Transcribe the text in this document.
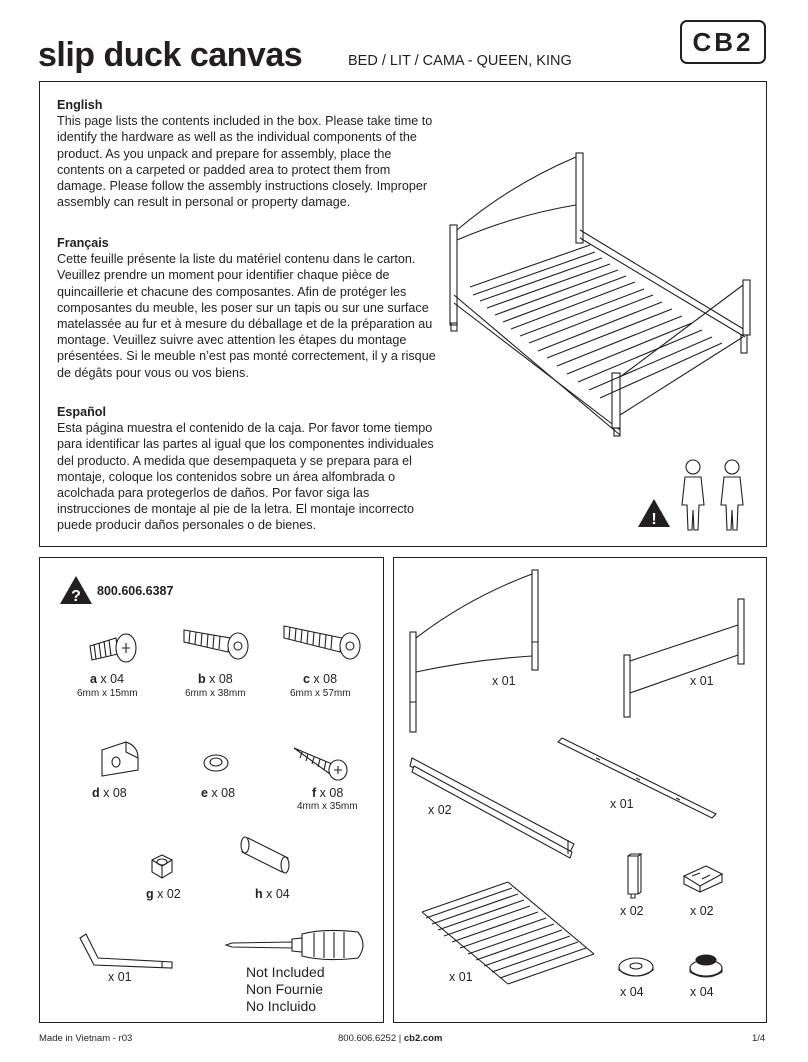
slip duck canvas	BED / LIT / CAMA - QUEEN, KING
CB2
English

This page lists the contents included in the box. Please take time to identify the hardware as well as the individual components of the product. As you unpack and prepare for assembly, place the contents on a carpeted or padded area to protect them from damage. Please follow the assembly instructions closely. Improper assembly can result in personal or property damage.

Français

Cette feuille présente la liste du matériel contenu dans le carton. Veuillez prendre un moment pour identifier chaque pièce de quincaillerie et chacune des composantes. Afin de protéger les composantes du meuble, les poser sur un tapis ou sur une surface matelassée au fur et à mesure du déballage et de la préparation au montage. Veuillez suivre avec attention les étapes du montage présentées. Si le meuble n’est pas monté correctement, il y a risque de dégâts pour vous ou vos biens.

Español

Esta página muestra el contenido de la caja. Por favor tome tiempo para identificar las partes al igual que los componentes individuales del producto. A medida que desempaqueta y se prepara para el montaje, coloque los contenidos sobre un área alfombrada o acolchada para protegerlos de daños. Por favor siga las instrucciones de montaje al pie de la letra. El montaje incorrecto puede producir daños personales o de bienes.	!
? 800.606.6387
a x 04
6mm x 15mm
b x 08
6mm x 38mm
c x 08
6mm x 57mm
d x 08	e x 08	f x 08
4mm x 35mm
g x 02	h x 04
x 01	Not Included
Non Fournie
No Incluido
x 01	x 01
x 02	x 01
x 01
x 02	x 02
x 04	x 04
Made in Vietnam - r03	800.606.6252 | cb2.com	1/4
